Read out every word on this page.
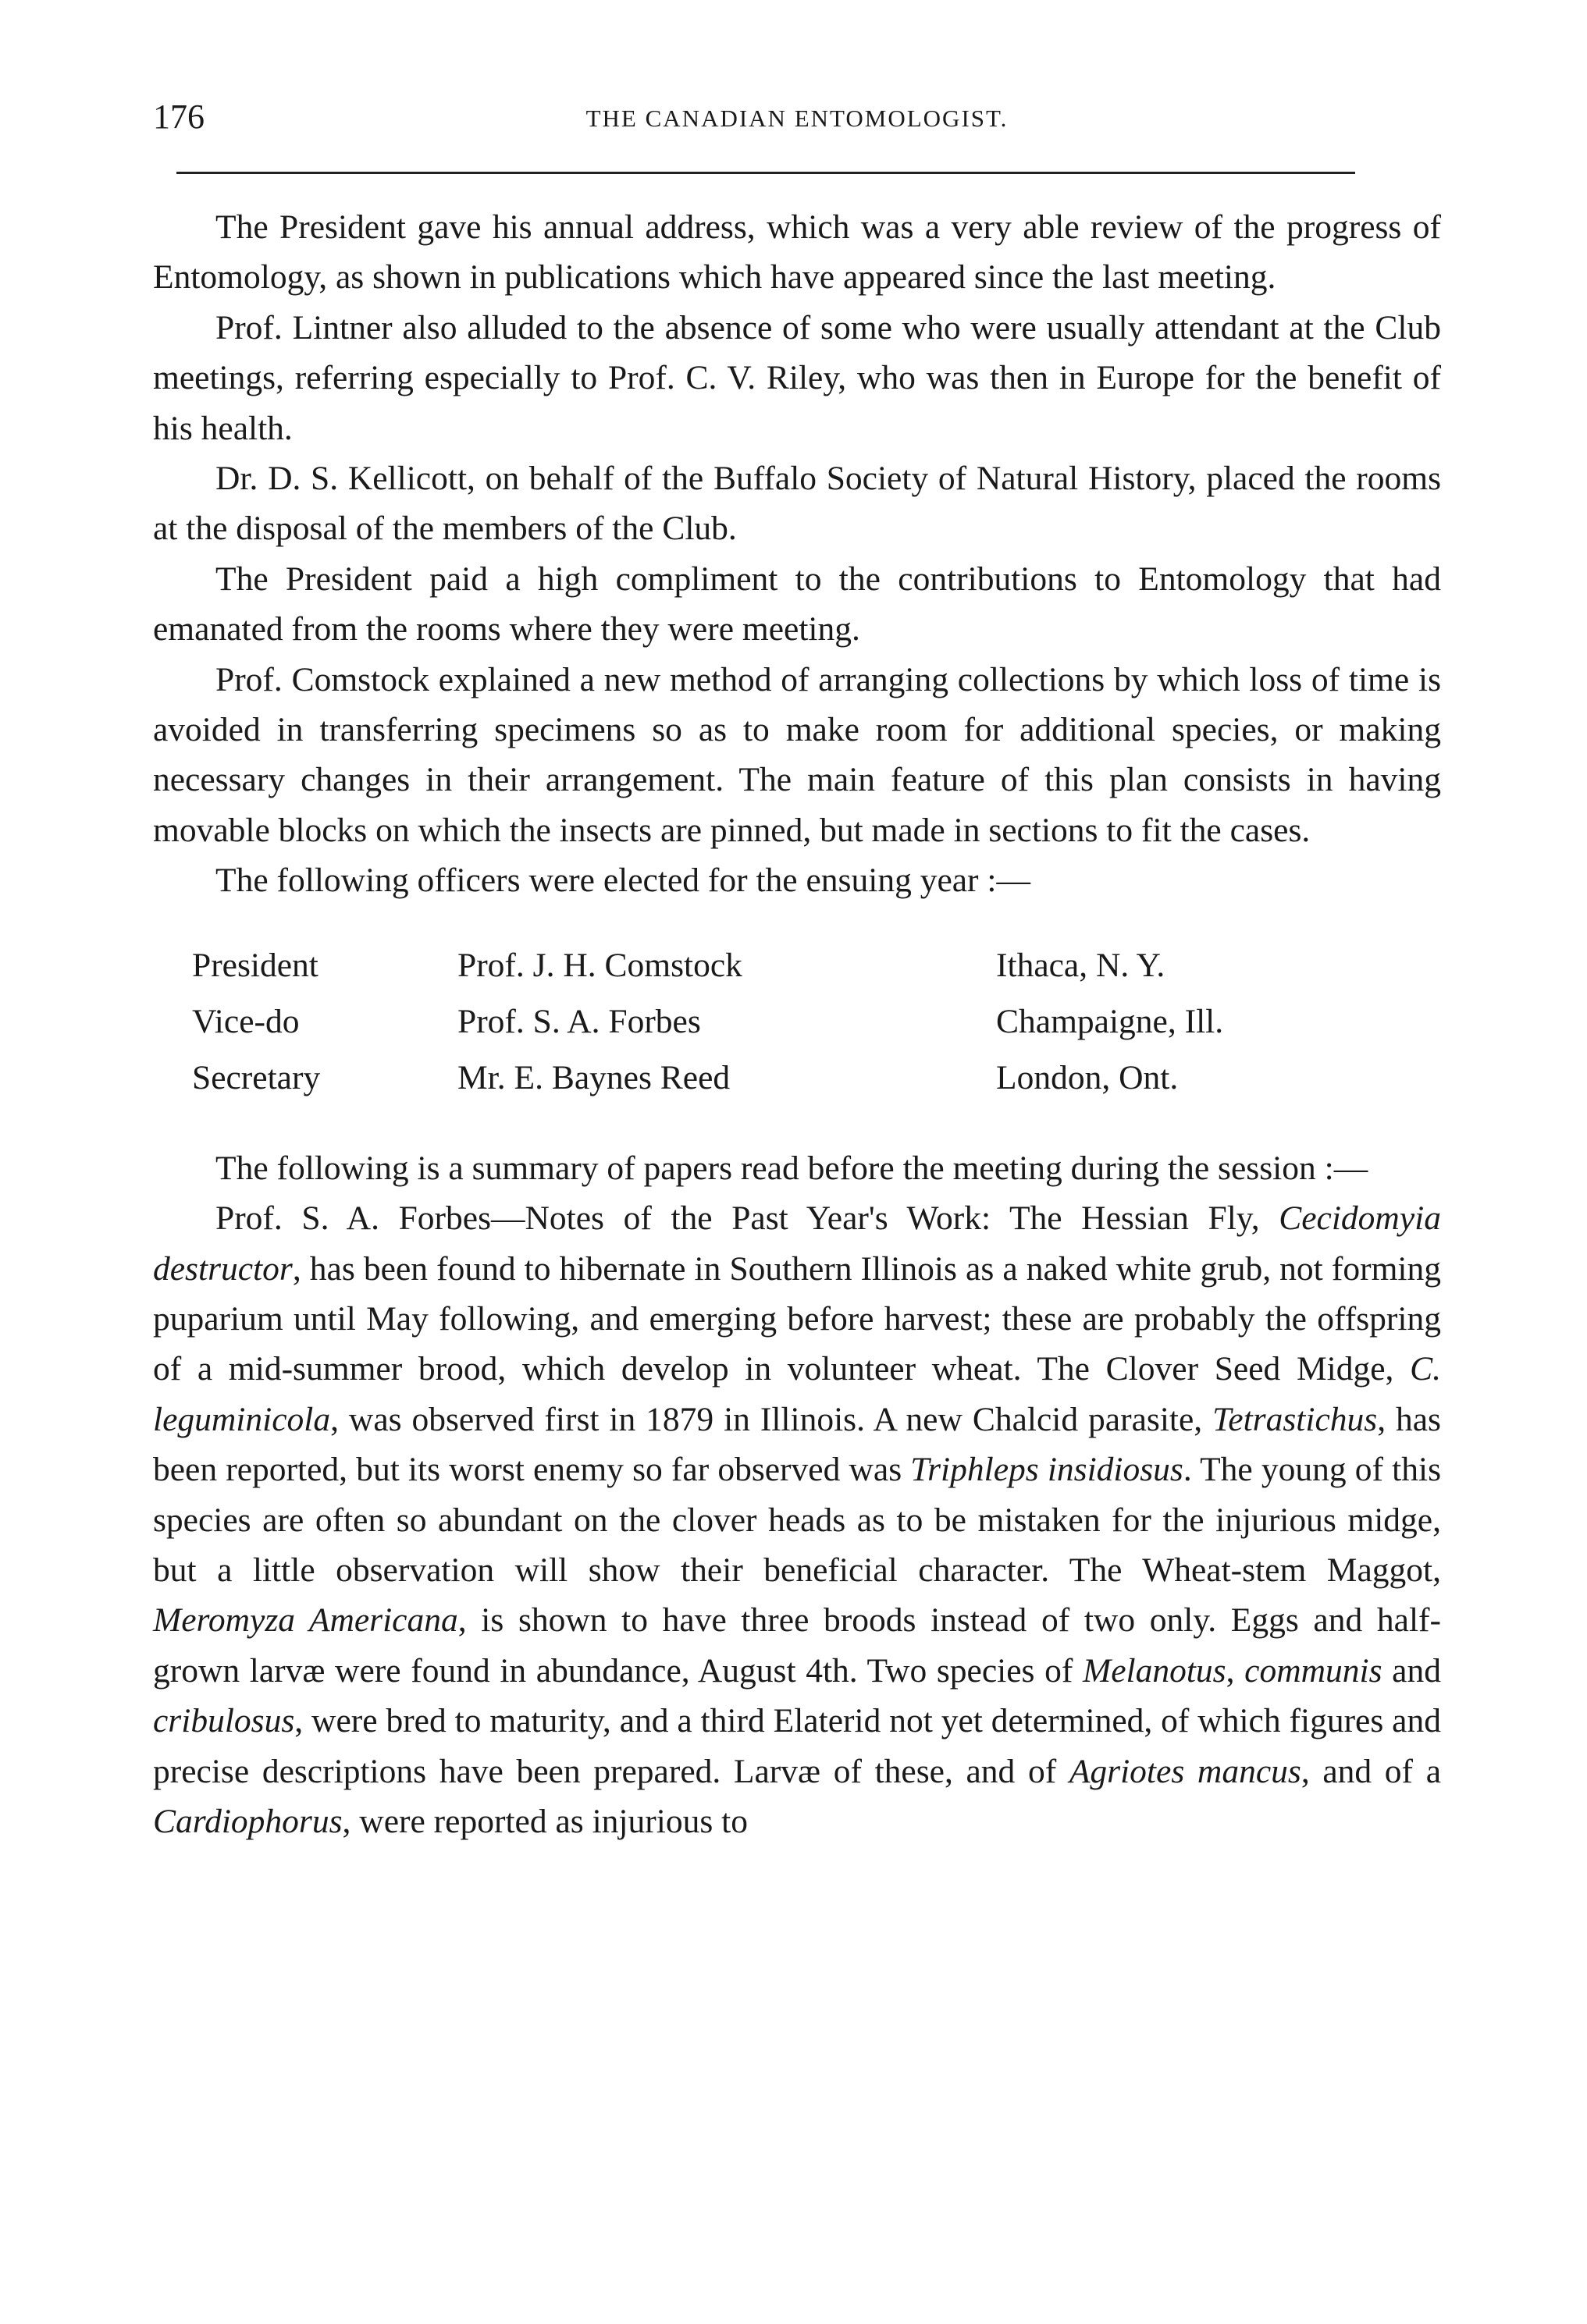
176	THE CANADIAN ENTOMOLOGIST.

The President gave his annual address, which was a very able review of the progress of Entomology, as shown in publications which have appeared since the last meeting.

Prof. Lintner also alluded to the absence of some who were usually attendant at the Club meetings, referring especially to Prof. C. V. Riley, who was then in Europe for the benefit of his health.

Dr. D. S. Kellicott, on behalf of the Buffalo Society of Natural History, placed the rooms at the disposal of the members of the Club.

The President paid a high compliment to the contributions to Entomology that had emanated from the rooms where they were meeting.

Prof. Comstock explained a new method of arranging collections by which loss of time is avoided in transferring specimens so as to make room for additional species, or making necessary changes in their arrangement. The main feature of this plan consists in having movable blocks on which the insects are pinned, but made in sections to fit the cases.

The following officers were elected for the ensuing year :—

President	Prof. J. H. Comstock	Ithaca, N. Y.
Vice-do	Prof. S. A. Forbes	Champaigne, Ill.
Secretary	Mr. E. Baynes Reed	London, Ont.

The following is a summary of papers read before the meeting during the session :—

Prof. S. A. Forbes—Notes of the Past Year's Work: The Hessian Fly, Cecidomyia destructor, has been found to hibernate in Southern Illinois as a naked white grub, not forming puparium until May following, and emerging before harvest; these are probably the offspring of a mid-summer brood, which develop in volunteer wheat. The Clover Seed Midge, C. leguminicola, was observed first in 1879 in Illinois. A new Chalcid parasite, Tetrastichus, has been reported, but its worst enemy so far observed was Triphleps insidiosus. The young of this species are often so abundant on the clover heads as to be mistaken for the injurious midge, but a little observation will show their beneficial character. The Wheat-stem Maggot, Meromyza Americana, is shown to have three broods instead of two only. Eggs and half-grown larvæ were found in abundance, August 4th. Two species of Melanotus, communis and cribulosus, were bred to maturity, and a third Elaterid not yet determined, of which figures and precise descriptions have been prepared. Larvæ of these, and of Agriotes mancus, and of a Cardiophorus, were reported as injurious to
